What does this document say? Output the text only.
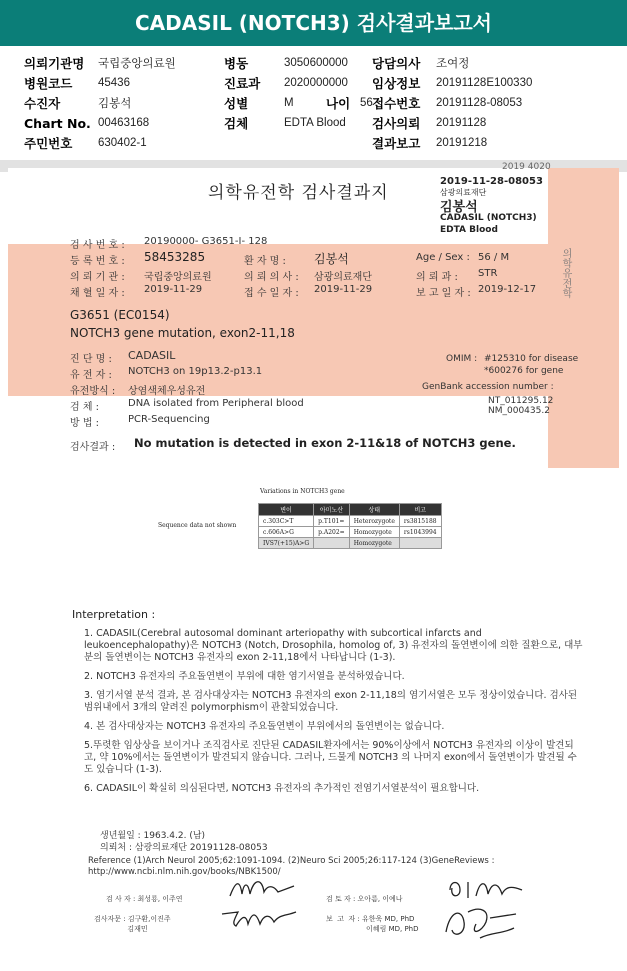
CADASIL (NOTCH3) 검사결과보고서
의뢰기관명	국립중앙의료원	병동	3050600000 당담의사 조여정
병원코드 45436	진료과 2020000000 임상정보 20191128E100330
수진자	김봉석	성별	M	나이 56 접수번호 20191128-08053
Chart No. 00463168	검체	EDTA Blood 검사의뢰 20191128
주민번호 630402-1	결과보고 20191218
2019 4020
의학유전학 검사결과지
2019-11-28-08053
삼광의료재단
김봉석
CADASIL (NOTCH3)
EDTA Blood
의학유전학
검 사 번 호 : 20190000- G3651-I- 128
등 록 번 호 : 58453285	환 자 명 : 김봉석	Age / Sex : 56 / M
의 뢰 기 관 : 국립중앙의료원	의 뢰 의 사 : 삼광의료재단	의 뢰 과 : STR
채 혈 일 자 : 2019-11-29	접 수 일 자 : 2019-11-29	보 고 일 자 : 2019-12-17
G3651 (EC0154)
NOTCH3 gene mutation, exon2-11,18
진 단 명 : CADASIL
유 전 자 : NOTCH3 on 19p13.2-p13.1
유전방식 : 상염색체우성유전
검 체 :	DNA isolated from Peripheral blood
방 법 :	PCR-Sequencing
OMIM : #125310 for disease
*600276 for gene
GenBank accession number :
NT_011295.12
NM_000435.2
검사결과 : No mutation is detected in exon 2-11&18 of NOTCH3 gene.
Variations in NOTCH3 gene
Sequence data not shown
변이	아미노산	상태	비고
c.303C>T	p.T101=	Heterozygote	rs3815188
c.606A>G	p.A202=	Homozygote	rs1043994
IVS7(+15)A>G		Homozygote	
Interpretation :

1. CADASIL(Cerebral autosomal dominant arteriopathy with subcortical infarcts and leukoencephalopathy)은 NOTCH3 (Notch, Drosophila, homolog of, 3) 유전자의 돌연변이에 의한 질환으로, 대부분의 돌연변이는 NOTCH3 유전자의 exon 2-11,18에서 나타납니다 (1-3).

2. NOTCH3 유전자의 주요돌연변이 부위에 대한 염기서열을 분석하였습니다.

3. 염기서열 분석 결과, 본 검사대상자는 NOTCH3 유전자의 exon 2-11,18의 염기서열은 모두 정상이었습니다. 검사된 범위내에서 3개의 알려진 polymorphism이 관찰되었습니다.

4. 본 검사대상자는 NOTCH3 유전자의 주요돌연변이 부위에서의 돌연변이는 없습니다.

5.뚜렷한 임상상을 보이거나 조직검사로 진단된 CADASIL환자에서는 90%이상에서 NOTCH3 유전자의 이상이 발견되고, 약 10%에서는 돌연변이가 발견되지 않습니다. 그러나, 드물게 NOTCH3 의 나머지 exon에서 돌연변이가 발견될 수도 있습니다 (1-3).

6. CADASIL이 확실히 의심된다면, NOTCH3 유전자의 추가적인 전염기서열분석이 필요합니다.

생년월일 : 1963.4.2. (남)
의뢰처 : 삼광의료재단 20191128-08053
Reference (1)Arch Neurol 2005;62:1091-1094. (2)Neuro Sci 2005;26:117-124 (3)GeneReviews : http://www.ncbi.nlm.nih.gov/books/NBK1500/
검 사 자 : 최성룡, 이주연
검사자문 : 김구환,이진주
김재민
검 토 자 : 오아름, 이예나
보  고  자 : 유한욱 MD, PhD
이혜림 MD, PhD
